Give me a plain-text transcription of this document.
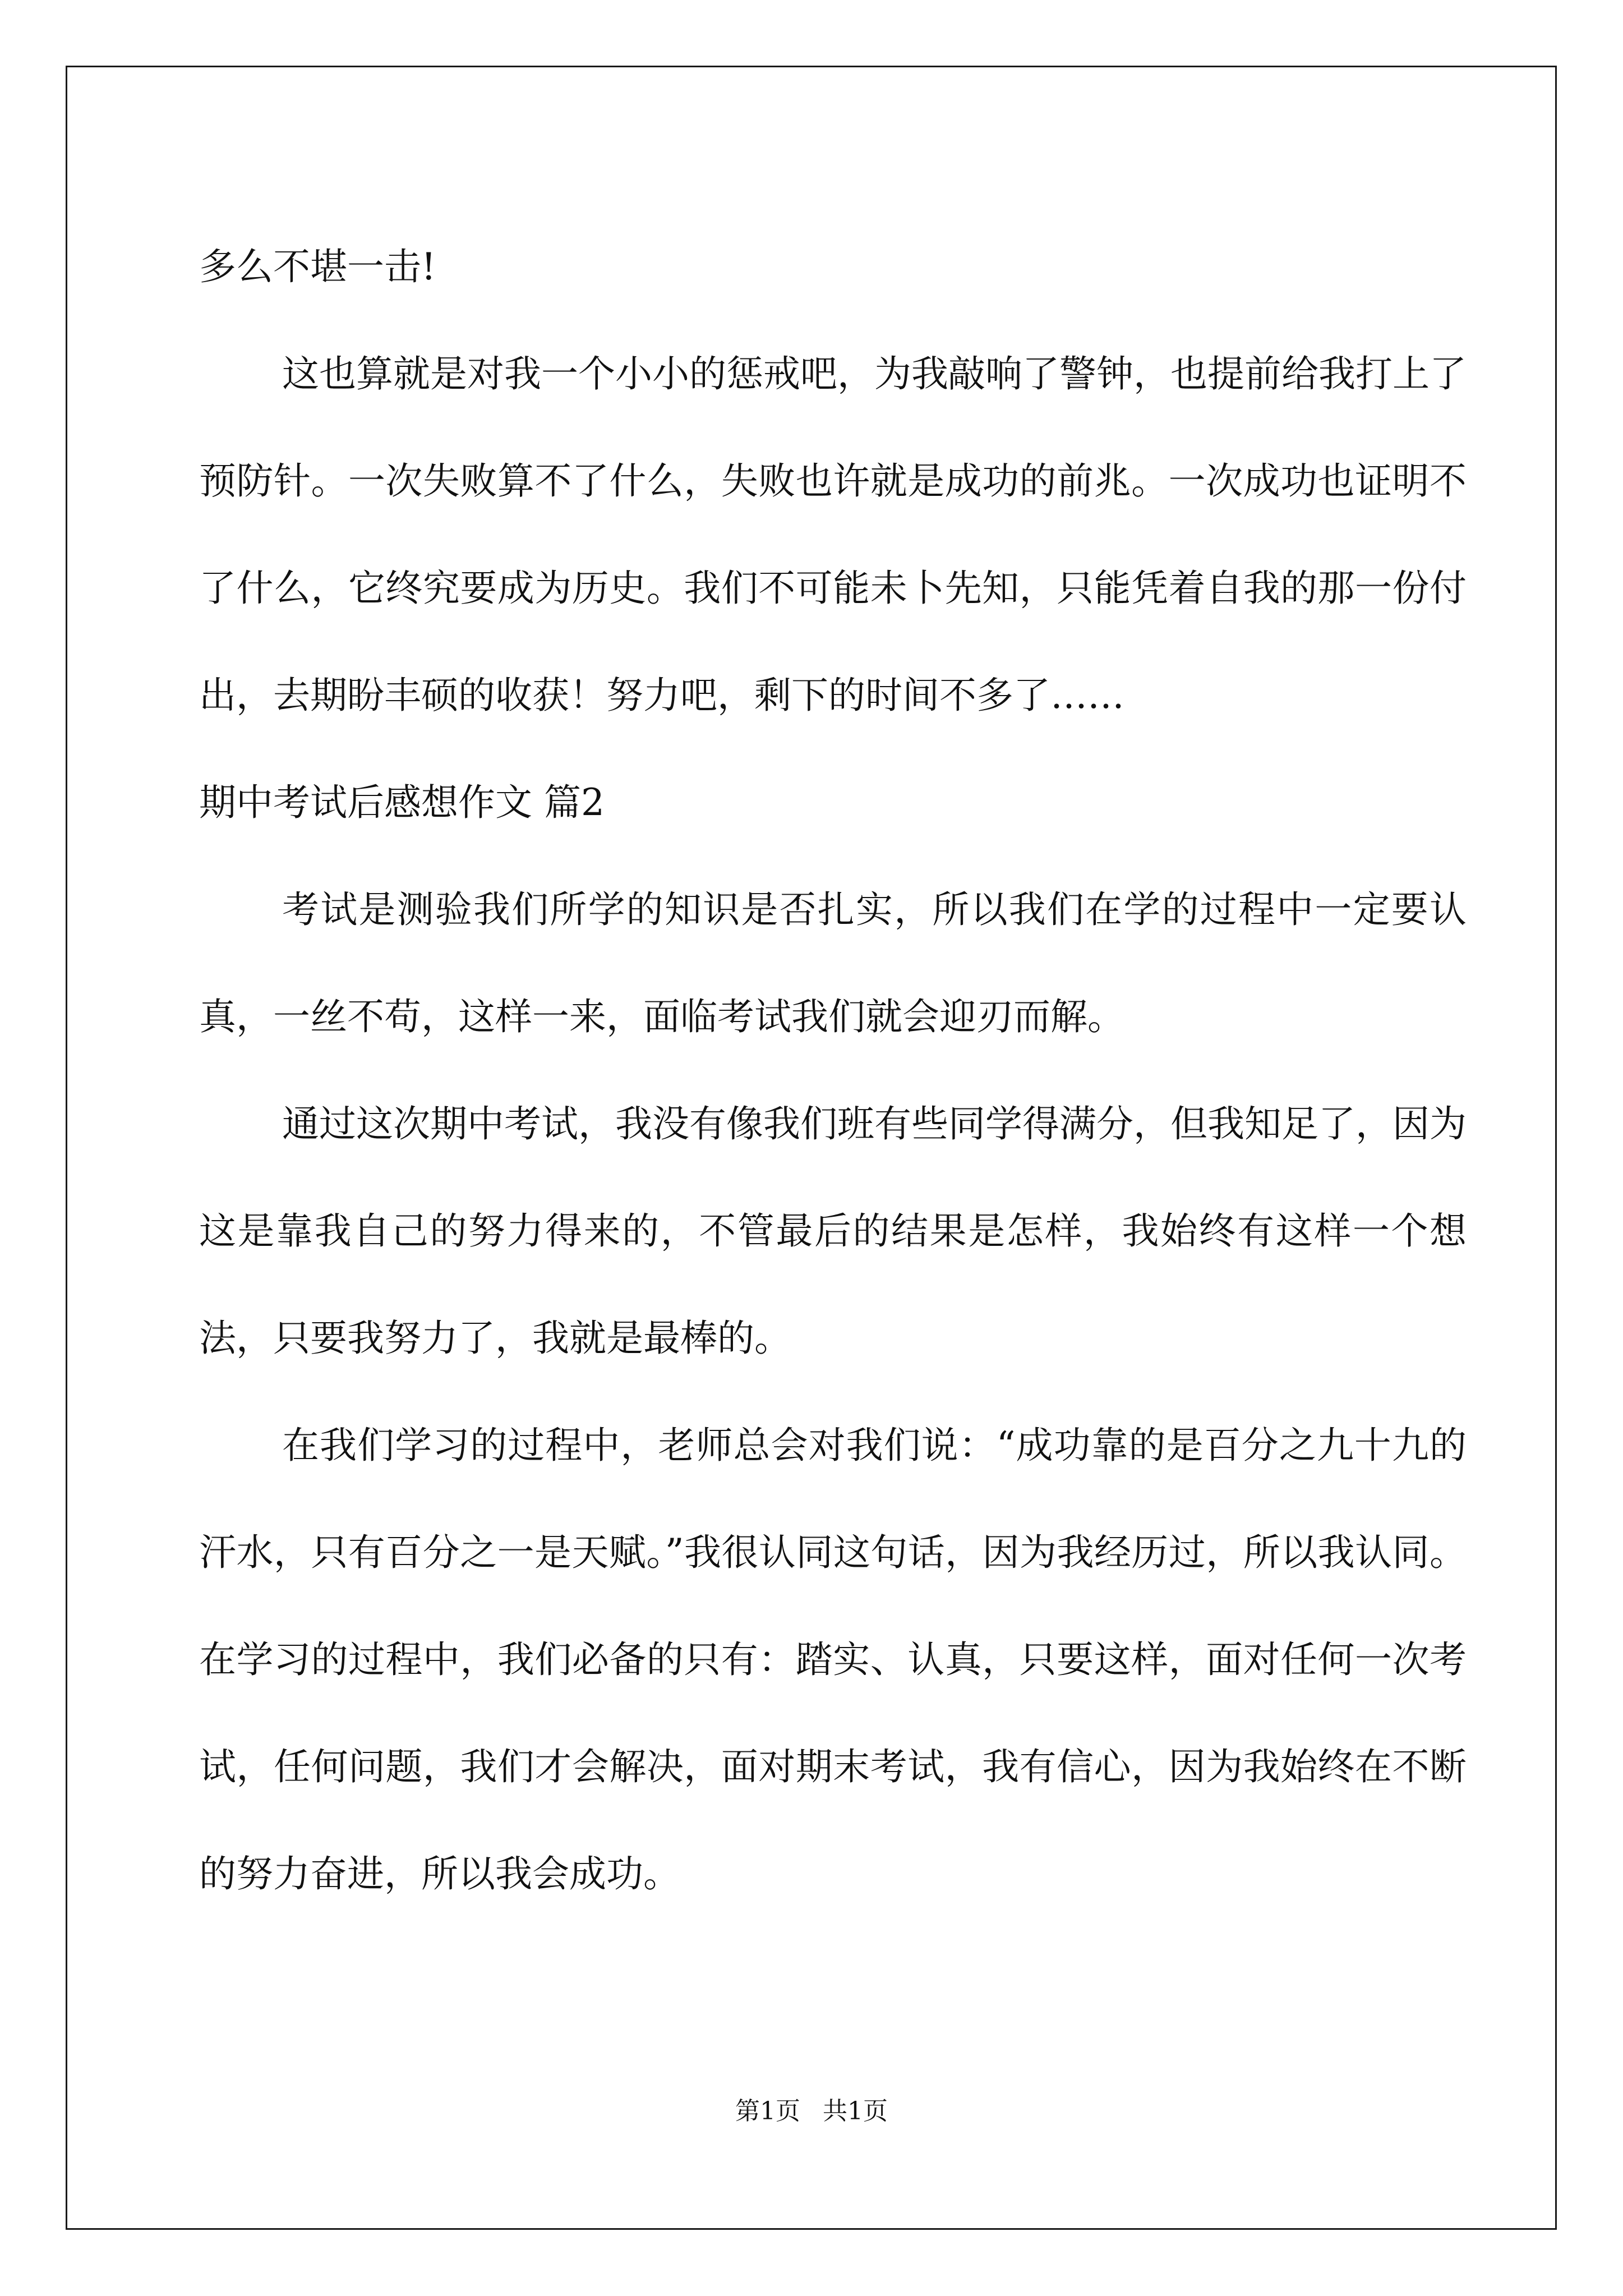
多么不堪一击!

这也算就是对我一个小小的惩戒吧，为我敲响了警钟，也提前给我打上了预防针。一次失败算不了什么，失败也许就是成功的前兆。一次成功也证明不了什么，它终究要成为历史。我们不可能未卜先知，只能凭着自我的那一份付出，去期盼丰硕的收获！努力吧，剩下的时间不多了……

期中考试后感想作文 篇2

考试是测验我们所学的知识是否扎实，所以我们在学的过程中一定要认真，一丝不苟，这样一来，面临考试我们就会迎刃而解。

通过这次期中考试，我没有像我们班有些同学得满分，但我知足了，因为这是靠我自己的努力得来的，不管最后的结果是怎样，我始终有这样一个想法，只要我努力了，我就是最棒的。

在我们学习的过程中，老师总会对我们说：“成功靠的是百分之九十九的汗水，只有百分之一是天赋。”我很认同这句话，因为我经历过，所以我认同。在学习的过程中，我们必备的只有：踏实、认真，只要这样，面对任何一次考试，任何问题，我们才会解决，面对期末考试，我有信心，因为我始终在不断的努力奋进，所以我会成功。

第1页 共1页
